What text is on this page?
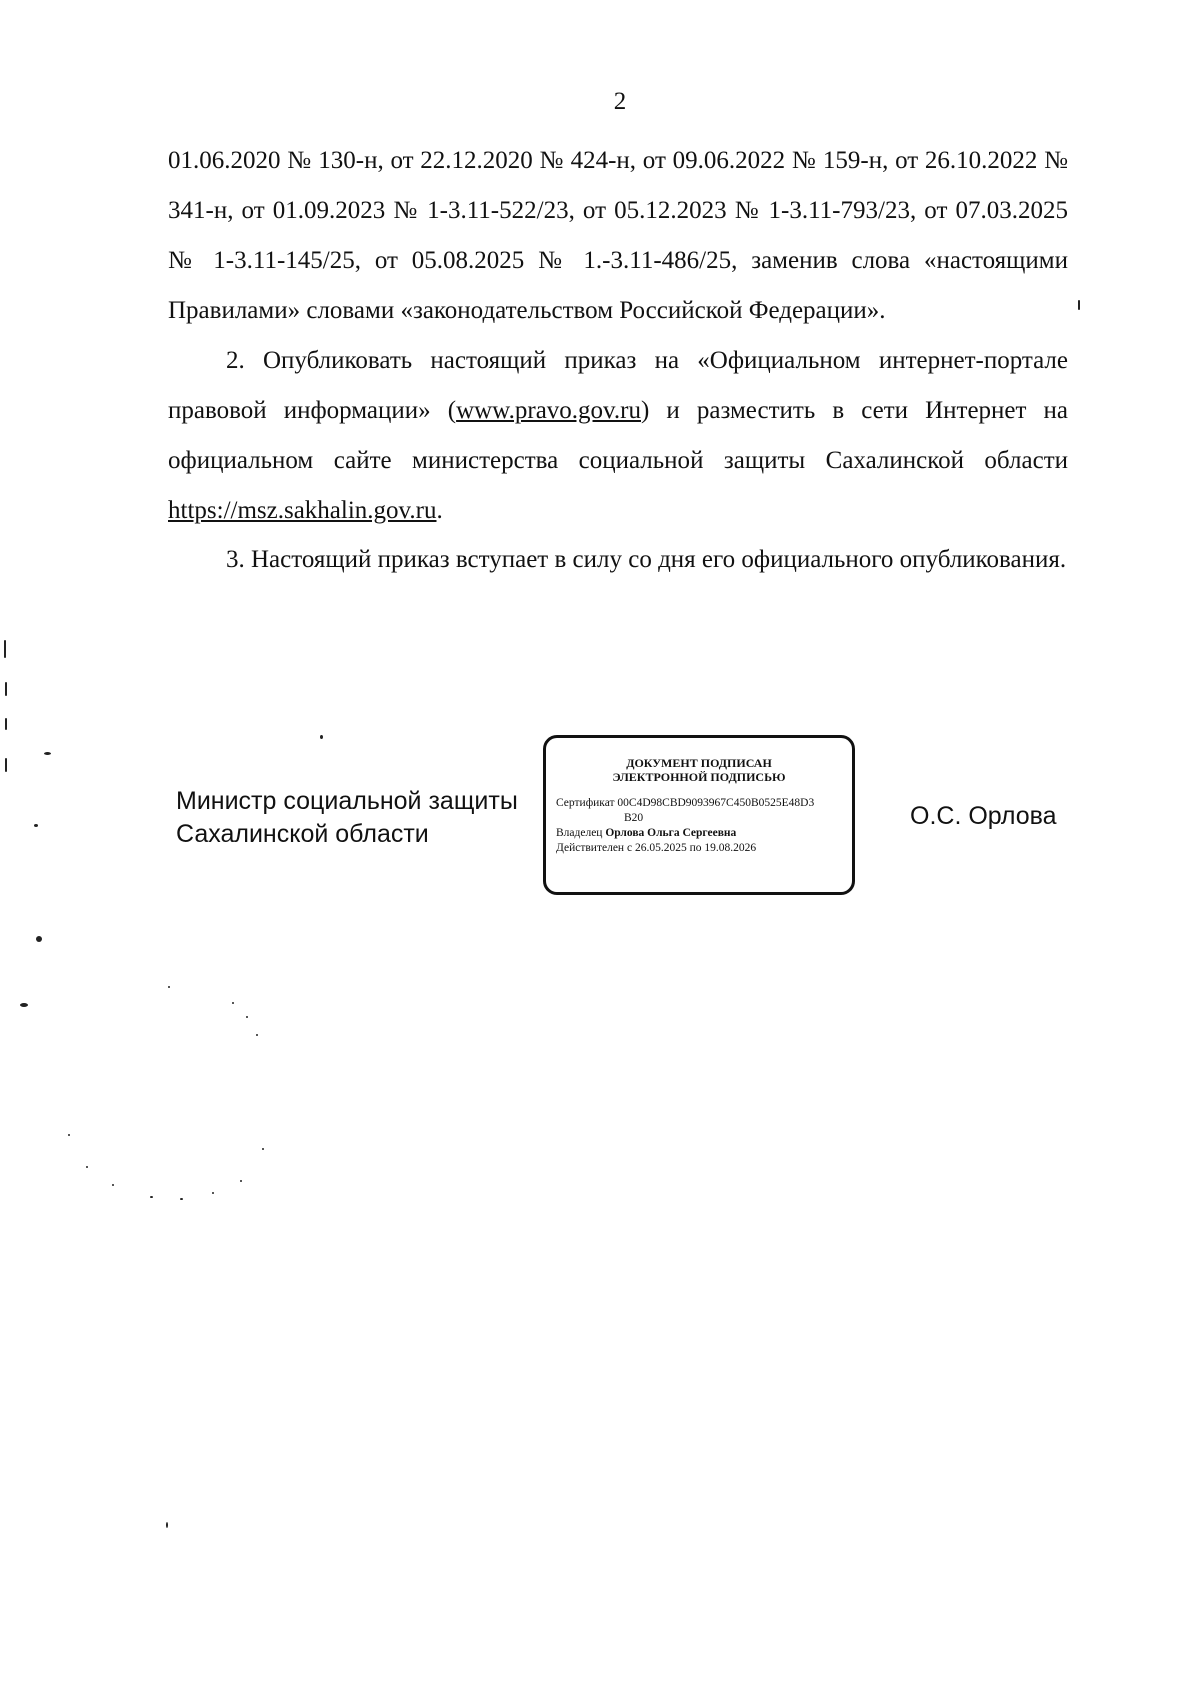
2

01.06.2020 № 130-н, от 22.12.2020 № 424-н, от 09.06.2022 № 159-н, от 26.10.2022 № 341-н, от 01.09.2023 № 1-3.11-522/23, от 05.12.2023 № 1-3.11-793/23, от 07.03.2025 № 1-3.11-145/25, от 05.08.2025 № 1.-3.11-486/25, заменив слова «настоящими Правилами» словами «законодательством Российской Федерации».

2. Опубликовать настоящий приказ на «Официальном интернет-портале правовой информации» (www.pravo.gov.ru) и разместить в сети Интернет на официальном сайте министерства социальной защиты Сахалинской области https://msz.sakhalin.gov.ru.

3. Настоящий приказ вступает в силу со дня его официального опубликования.

Министр социальной защиты
Сахалинской области
ДОКУМЕНТ ПОДПИСАН
ЭЛЕКТРОННОЙ ПОДПИСЬЮ
Сертификат 00C4D98CBD9093967C450B0525E48D3
B20
Владелец Орлова Ольга Сергеевна
Действителен с 26.05.2025 по 19.08.2026
О.С. Орлова
